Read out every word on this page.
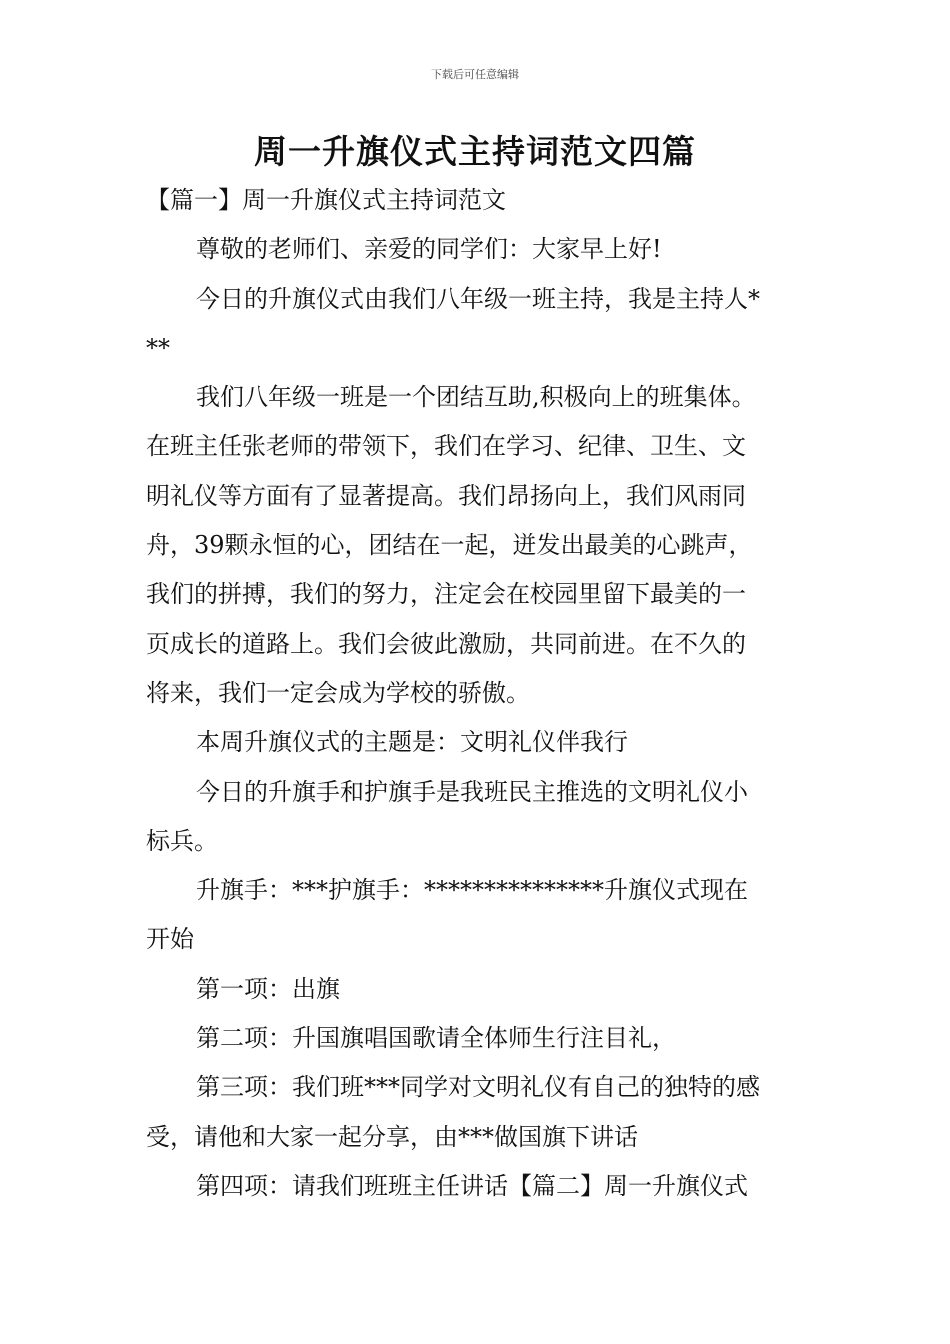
下载后可任意编辑
周一升旗仪式主持词范文四篇
【篇一】周一升旗仪式主持词范文
尊敬的老师们、亲爱的同学们：大家早上好!
今日的升旗仪式由我们八年级一班主持，我是主持人*
**
我们八年级一班是一个团结互助,积极向上的班集体。
在班主任张老师的带领下，我们在学习、纪律、卫生、文
明礼仪等方面有了显著提高。我们昂扬向上，我们风雨同
舟，39颗永恒的心，团结在一起，迸发出最美的心跳声，
我们的拼搏，我们的努力，注定会在校园里留下最美的一
页成长的道路上。我们会彼此激励，共同前进。在不久的
将来，我们一定会成为学校的骄傲。
本周升旗仪式的主题是：文明礼仪伴我行
今日的升旗手和护旗手是我班民主推选的文明礼仪小
标兵。
升旗手：***护旗手：***************升旗仪式现在
开始
第一项：出旗
第二项：升国旗唱国歌请全体师生行注目礼，
第三项：我们班***同学对文明礼仪有自己的独特的感
受，请他和大家一起分享，由***做国旗下讲话
第四项：请我们班班主任讲话【篇二】周一升旗仪式
